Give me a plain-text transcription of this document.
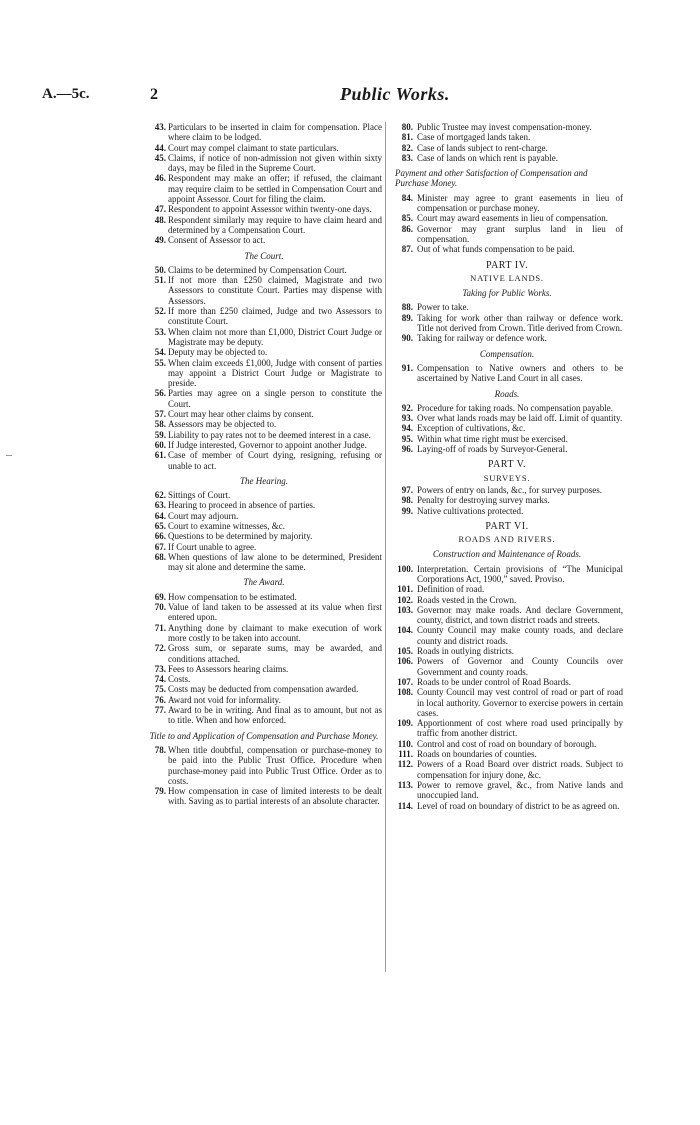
A.—5c.	2	Public Works.
43. Particulars to be inserted in claim for compensation. Place where claim to be lodged.
44. Court may compel claimant to state particulars.
45. Claims, if notice of non-admission not given within sixty days, may be filed in the Supreme Court.
46. Respondent may make an offer; if refused, the claimant may require claim to be settled in Compensation Court and appoint Assessor. Court for filing the claim.
47. Respondent to appoint Assessor within twenty-one days.
48. Respondent similarly may require to have claim heard and determined by a Compensation Court.
49. Consent of Assessor to act.
The Court.
50. Claims to be determined by Compensation Court.
51. If not more than £250 claimed, Magistrate and two Assessors to constitute Court. Parties may dispense with Assessors.
52. If more than £250 claimed, Judge and two Assessors to constitute Court.
53. When claim not more than £1,000, District Court Judge or Magistrate may be deputy.
54. Deputy may be objected to.
55. When claim exceeds £1,000, Judge with consent of parties may appoint a District Court Judge or Magistrate to preside.
56. Parties may agree on a single person to constitute the Court.
57. Court may hear other claims by consent.
58. Assessors may be objected to.
59. Liability to pay rates not to be deemed interest in a case.
60. If Judge interested, Governor to appoint another Judge.
61. Case of member of Court dying, resigning, refusing or unable to act.
The Hearing.
62. Sittings of Court.
63. Hearing to proceed in absence of parties.
64. Court may adjourn.
65. Court to examine witnesses, &c.
66. Questions to be determined by majority.
67. If Court unable to agree.
68. When questions of law alone to be determined, President may sit alone and determine the same.
The Award.
69. How compensation to be estimated.
70. Value of land taken to be assessed at its value when first entered upon.
71. Anything done by claimant to make execution of work more costly to be taken into account.
72. Gross sum, or separate sums, may be awarded, and conditions attached.
73. Fees to Assessors hearing claims.
74. Costs.
75. Costs may be deducted from compensation awarded.
76. Award not void for informality.
77. Award to be in writing. And final as to amount, but not as to title. When and how enforced.
Title to and Application of Compensation and Purchase Money.
78. When title doubtful, compensation or purchase-money to be paid into the Public Trust Office. Procedure when purchase-money paid into Public Trust Office. Order as to costs.
79. How compensation in case of limited interests to be dealt with. Saving as to partial interests of an absolute character.
80. Public Trustee may invest compensation-money.
81. Case of mortgaged lands taken.
82. Case of lands subject to rent-charge.
83. Case of lands on which rent is payable.
Payment and other Satisfaction of Compensation and Purchase Money.
84. Minister may agree to grant easements in lieu of compensation or purchase money.
85. Court may award easements in lieu of compensation.
86. Governor may grant surplus land in lieu of compensation.
87. Out of what funds compensation to be paid.
PART IV.
NATIVE LANDS.
Taking for Public Works.
88. Power to take.
89. Taking for work other than railway or defence work. Title not derived from Crown. Title derived from Crown.
90. Taking for railway or defence work.
Compensation.
91. Compensation to Native owners and others to be ascertained by Native Land Court in all cases.
Roads.
92. Procedure for taking roads. No compensation payable.
93. Over what lands roads may be laid off. Limit of quantity.
94. Exception of cultivations, &c.
95. Within what time right must be exercised.
96. Laying-off of roads by Surveyor-General.
PART V.
SURVEYS.
97. Powers of entry on lands, &c., for survey purposes.
98. Penalty for destroying survey marks.
99. Native cultivations protected.
PART VI.
ROADS AND RIVERS.
Construction and Maintenance of Roads.
100. Interpretation. Certain provisions of “The Municipal Corporations Act, 1900,” saved. Proviso.
101. Definition of road.
102. Roads vested in the Crown.
103. Governor may make roads. And declare Government, county, district, and town district roads and streets.
104. County Council may make county roads, and declare county and district roads.
105. Roads in outlying districts.
106. Powers of Governor and County Councils over Government and county roads.
107. Roads to be under control of Road Boards.
108. County Council may vest control of road or part of road in local authority. Governor to exercise powers in certain cases.
109. Apportionment of cost where road used principally by traffic from another district.
110. Control and cost of road on boundary of borough.
111. Roads on boundaries of counties.
112. Powers of a Road Board over district roads. Subject to compensation for injury done, &c.
113. Power to remove gravel, &c., from Native lands and unoccupied land.
114. Level of road on boundary of district to be as agreed on.
